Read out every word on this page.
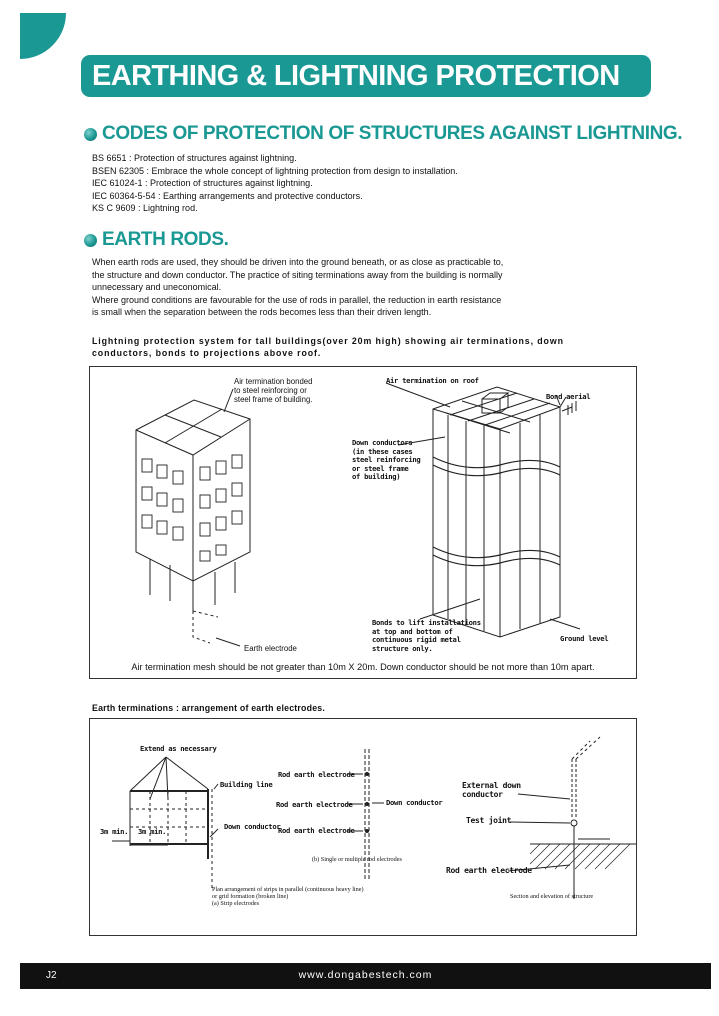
EARTHING & LIGHTNING PROTECTION
CODES OF PROTECTION OF STRUCTURES AGAINST LIGHTNING.
BS 6651 : Protection of structures against lightning.
BSEN 62305 : Embrace the whole concept of lightning protection from design to installation.
IEC 61024-1 : Protection of structures against lightning.
IEC 60364-5-54 : Earthing arrangements and protective conductors.
KS C 9609 : Lightning rod.
EARTH RODS.
When earth rods are used, they should be driven into the ground beneath, or as close as practicable to,
the structure and down conductor. The practice of siting terminations away from the building is normally
unnecessary and uneconomical.
Where ground conditions are favourable for the use of rods in parallel, the reduction in earth resistance
is small when the separation between the rods becomes less than their driven length.
Lightning protection system for tall buildings(over 20m high) showing air terminations, down
conductors, bonds to projections above roof.
Air termination bonded
to steel reinforcing or
steel frame of building.
Earth electrode
Air termination on roof
Bond aerial
Down conductors
(in these cases
steel reinforcing
or steel frame
of building)
Bonds to lift installations
at top and bottom of
continuous rigid metal
structure only.
Ground level
Air termination mesh should be not greater than 10m X 20m. Down conductor should be not more than 10m apart.
Earth terminations : arrangement of earth electrodes.
Extend as necessary
Building line
3m min. 3m min.
Down conductor
Rod earth electrode
Rod earth electrode
Rod earth electrode
Down conductor
(b) Single or multiple rod electrodes
Plan arrangement of strips in parallel (continuous heavy line)
or grid formation (broken line)
(a) Strip electrodes
External down
conductor
Test joint
Rod earth electrode
Section and elevation of structure
J2	www.dongabestech.com
